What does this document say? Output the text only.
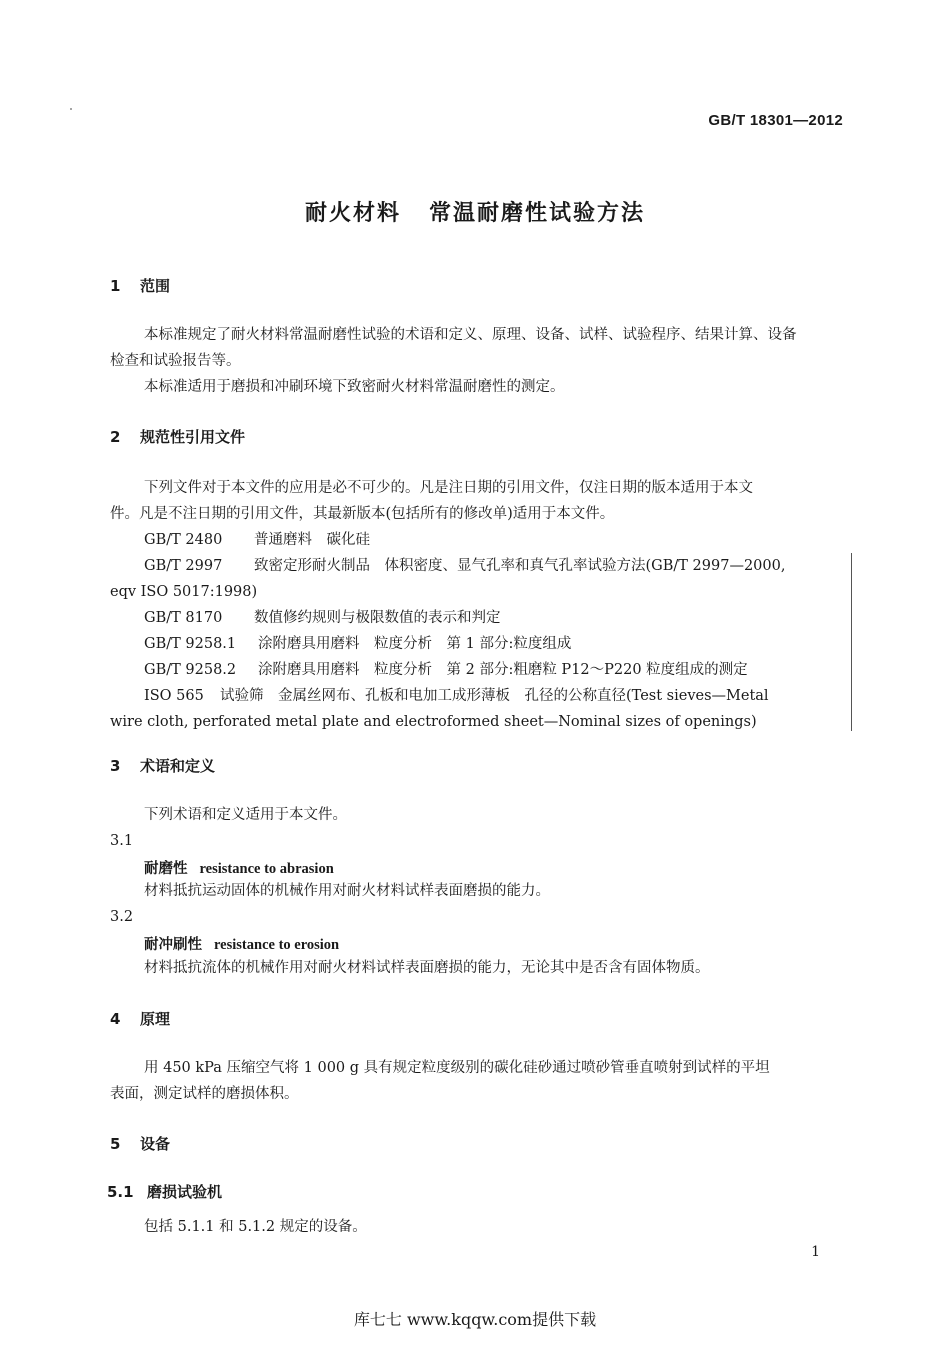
GB/T 18301—2012
耐火材料 常温耐磨性试验方法
1 范围
本标准规定了耐火材料常温耐磨性试验的术语和定义、原理、设备、试样、试验程序、结果计算、设备
检查和试验报告等。
本标准适用于磨损和冲刷环境下致密耐火材料常温耐磨性的测定。
2 规范性引用文件
下列文件对于本文件的应用是必不可少的。凡是注日期的引用文件，仅注日期的版本适用于本文
件。凡是不注日期的引用文件，其最新版本(包括所有的修改单)适用于本文件。
GB/T 2480 普通磨料　碳化硅
GB/T 2997 致密定形耐火制品　体积密度、显气孔率和真气孔率试验方法(GB/T 2997—2000,
eqv ISO 5017:1998)
GB/T 8170 数值修约规则与极限数值的表示和判定
GB/T 9258.1 涂附磨具用磨料　粒度分析　第 1 部分:粒度组成
GB/T 9258.2 涂附磨具用磨料　粒度分析　第 2 部分:粗磨粒 P12～P220 粒度组成的测定
ISO 565 试验筛　金属丝网布、孔板和电加工成形薄板　孔径的公称直径(Test sieves—Metal
wire cloth, perforated metal plate and electroformed sheet—Nominal sizes of openings)
3 术语和定义
下列术语和定义适用于本文件。
3.1
耐磨性 resistance to abrasion
材料抵抗运动固体的机械作用对耐火材料试样表面磨损的能力。
3.2
耐冲刷性 resistance to erosion
材料抵抗流体的机械作用对耐火材料试样表面磨损的能力，无论其中是否含有固体物质。
4 原理
用 450 kPa 压缩空气将 1 000 g 具有规定粒度级别的碳化硅砂通过喷砂管垂直喷射到试样的平坦
表面，测定试样的磨损体积。
5 设备
5.1 磨损试验机
包括 5.1.1 和 5.1.2 规定的设备。
1
库七七 www.kqqw.com提供下载
